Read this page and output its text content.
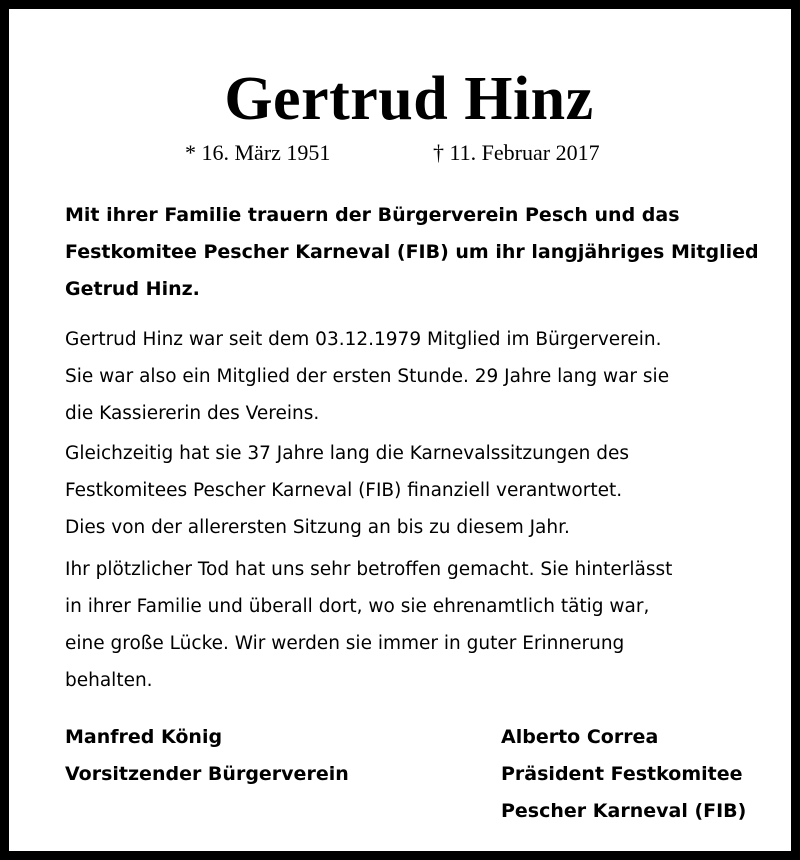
Gertrud Hinz
* 16. März 1951	† 11. Februar 2017
Mit ihrer Familie trauern der Bürgerverein Pesch und das
Festkomitee Pescher Karneval (FIB) um ihr langjähriges Mitglied
Getrud Hinz.

Gertrud Hinz war seit dem 03.12.1979 Mitglied im Bürgerverein.
Sie war also ein Mitglied der ersten Stunde. 29 Jahre lang war sie
die Kassiererin des Vereins.

Gleichzeitig hat sie 37 Jahre lang die Karnevalssitzungen des
Festkomitees Pescher Karneval (FIB) finanziell verantwortet.
Dies von der allerersten Sitzung an bis zu diesem Jahr.

Ihr plötzlicher Tod hat uns sehr betroffen gemacht. Sie hinterlässt
in ihrer Familie und überall dort, wo sie ehrenamtlich tätig war,
eine große Lücke. Wir werden sie immer in guter Erinnerung
behalten.

Manfred König
Vorsitzender Bürgerverein
Alberto Correa
Präsident Festkomitee
Pescher Karneval (FIB)
